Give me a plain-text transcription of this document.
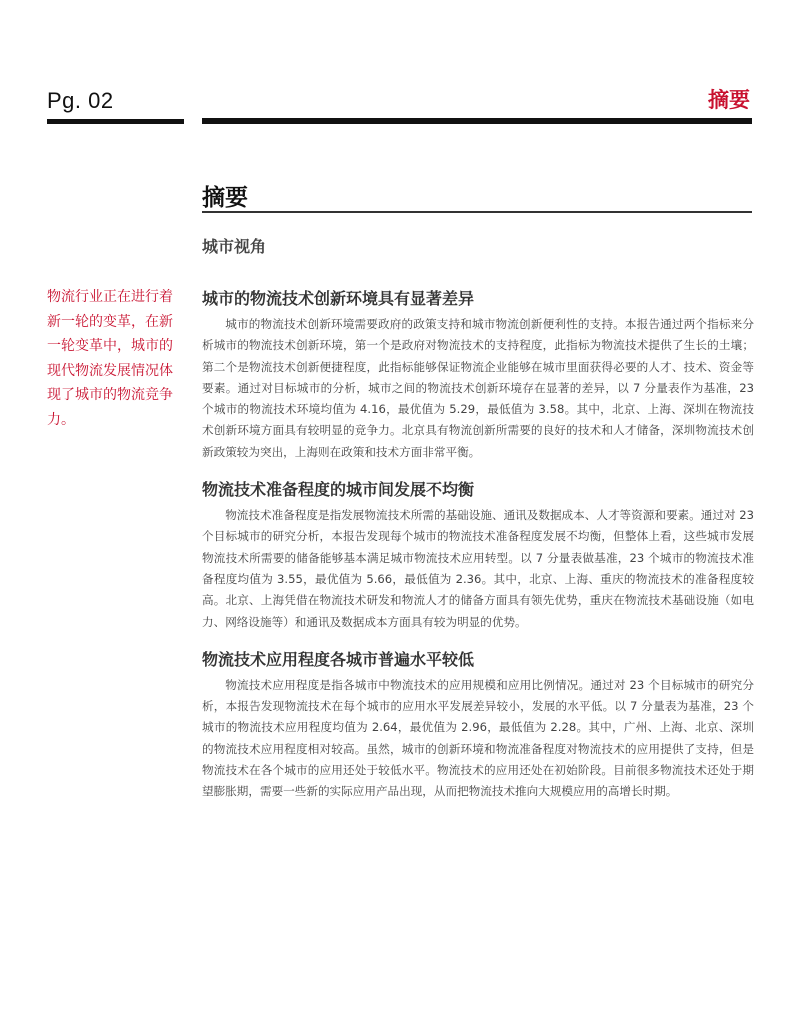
Pg. 02	摘要
摘要
城市视角
物流行业正在进行着新一轮的变革，在新一轮变革中，城市的现代物流发展情况体现了城市的物流竞争力。
城市的物流技术创新环境具有显著差异

城市的物流技术创新环境需要政府的政策支持和城市物流创新便利性的支持。本报告通过两个指标来分析城市的物流技术创新环境，第一个是政府对物流技术的支持程度，此指标为物流技术提供了生长的土壤；第二个是物流技术创新便捷程度，此指标能够保证物流企业能够在城市里面获得必要的人才、技术、资金等要素。通过对目标城市的分析，城市之间的物流技术创新环境存在显著的差异，以 7 分量表作为基准，23 个城市的物流技术环境均值为 4.16，最优值为 5.29，最低值为 3.58。其中，北京、上海、深圳在物流技术创新环境方面具有较明显的竞争力。北京具有物流创新所需要的良好的技术和人才储备，深圳物流技术创新政策较为突出，上海则在政策和技术方面非常平衡。

物流技术准备程度的城市间发展不均衡

物流技术准备程度是指发展物流技术所需的基础设施、通讯及数据成本、人才等资源和要素。通过对 23 个目标城市的研究分析，本报告发现每个城市的物流技术准备程度发展不均衡，但整体上看，这些城市发展物流技术所需要的储备能够基本满足城市物流技术应用转型。以 7 分量表做基准，23 个城市的物流技术准备程度均值为 3.55，最优值为 5.66，最低值为 2.36。其中，北京、上海、重庆的物流技术的准备程度较高。北京、上海凭借在物流技术研发和物流人才的储备方面具有领先优势，重庆在物流技术基础设施（如电力、网络设施等）和通讯及数据成本方面具有较为明显的优势。

物流技术应用程度各城市普遍水平较低

物流技术应用程度是指各城市中物流技术的应用规模和应用比例情况。通过对 23 个目标城市的研究分析，本报告发现物流技术在每个城市的应用水平发展差异较小，发展的水平低。以 7 分量表为基准，23 个城市的物流技术应用程度均值为 2.64，最优值为 2.96，最低值为 2.28。其中，广州、上海、北京、深圳的物流技术应用程度相对较高。虽然，城市的创新环境和物流准备程度对物流技术的应用提供了支持，但是物流技术在各个城市的应用还处于较低水平。物流技术的应用还处在初始阶段。目前很多物流技术还处于期望膨胀期，需要一些新的实际应用产品出现，从而把物流技术推向大规模应用的高增长时期。
